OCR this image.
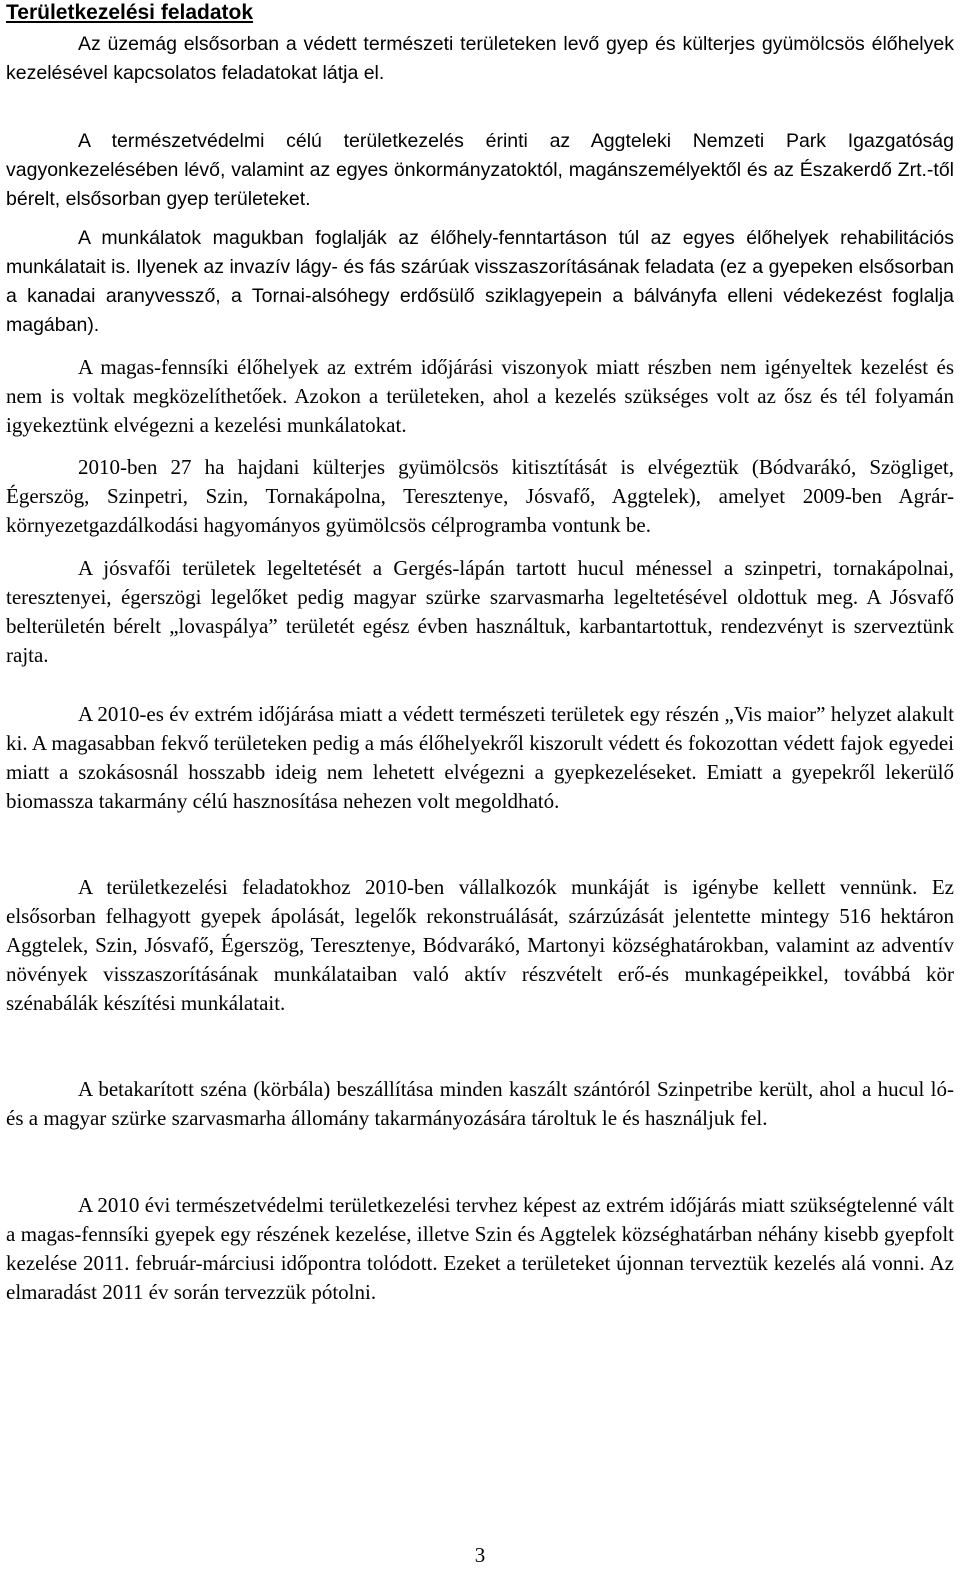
Területkezelési feladatok

Az üzemág elsősorban a védett természeti területeken levő gyep és külterjes gyümölcsös élőhelyek kezelésével kapcsolatos feladatokat látja el.

A természetvédelmi célú területkezelés érinti az Aggteleki Nemzeti Park Igazgatóság vagyonkezelésében lévő, valamint az egyes önkormányzatoktól, magánszemélyektől és az Északerdő Zrt.-től bérelt, elsősorban gyep területeket.

A munkálatok magukban foglalják az élőhely-fenntartáson túl az egyes élőhelyek rehabilitációs munkálatait is. Ilyenek az invazív lágy- és fás szárúak visszaszorításának feladata (ez a gyepeken elsősorban a kanadai aranyvessző, a Tornai-alsóhegy erdősülő sziklagyepein a bálványfa elleni védekezést foglalja magában).

A magas-fennsíki élőhelyek az extrém időjárási viszonyok miatt részben nem igényeltek kezelést és nem is voltak megközelíthetőek. Azokon a területeken, ahol a kezelés szükséges volt az ősz és tél folyamán igyekeztünk elvégezni a kezelési munkálatokat.

2010-ben 27 ha hajdani külterjes gyümölcsös kitisztítását is elvégeztük (Bódvarákó, Szögliget, Égerszög, Szinpetri, Szin, Tornakápolna, Teresztenye, Jósvafő, Aggtelek), amelyet 2009-ben Agrár-környezetgazdálkodási hagyományos gyümölcsös célprogramba vontunk be.

A jósvafői területek legeltetését a Gergés-lápán tartott hucul ménessel a szinpetri, tornakápolnai, teresztenyei, égerszögi legelőket pedig magyar szürke szarvasmarha legeltetésével oldottuk meg. A Jósvafő belterületén bérelt „lovaspálya” területét egész évben használtuk, karbantartottuk, rendezvényt is szerveztünk rajta.

A 2010-es év extrém időjárása miatt a védett természeti területek egy részén „Vis maior” helyzet alakult ki. A magasabban fekvő területeken pedig a más élőhelyekről kiszorult védett és fokozottan védett fajok egyedei miatt a szokásosnál hosszabb ideig nem lehetett elvégezni a gyepkezeléseket. Emiatt a gyepekről lekerülő biomassza takarmány célú hasznosítása nehezen volt megoldható.

A területkezelési feladatokhoz 2010-ben vállalkozók munkáját is igénybe kellett vennünk. Ez elsősorban felhagyott gyepek ápolását, legelők rekonstruálását, szárzúzását jelentette mintegy 516 hektáron Aggtelek, Szin, Jósvafő, Égerszög, Teresztenye, Bódvarákó, Martonyi községhatárokban, valamint az adventív növények visszaszorításának munkálataiban való aktív részvételt erő-és munkagépeikkel, továbbá kör szénabálák készítési munkálatait.

A betakarított széna (körbála) beszállítása minden kaszált szántóról Szinpetribe került, ahol a hucul ló-és a magyar szürke szarvasmarha állomány takarmányozására tároltuk le és használjuk fel.

A 2010 évi természetvédelmi területkezelési tervhez képest az extrém időjárás miatt szükségtelenné vált a magas-fennsíki gyepek egy részének kezelése, illetve Szin és Aggtelek községhatárban néhány kisebb gyepfolt kezelése 2011. február-márciusi időpontra tolódott. Ezeket a területeket újonnan terveztük kezelés alá vonni. Az elmaradást 2011 év során tervezzük pótolni.

3
